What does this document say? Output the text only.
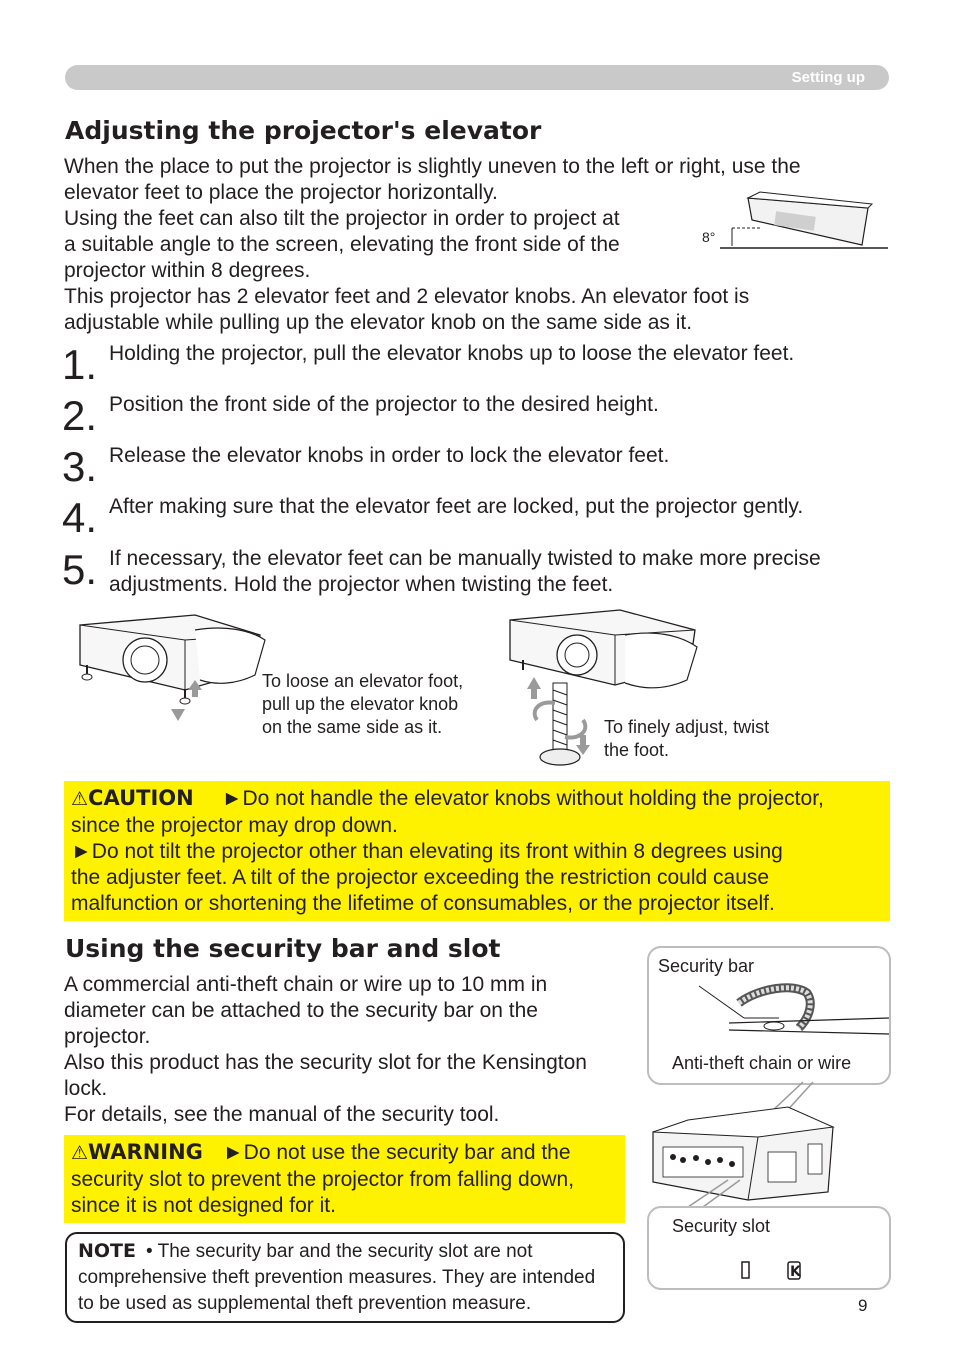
Setting up
Adjusting the projector's elevator
When the place to put the projector is slightly uneven to the left or right, use the
elevator feet to place the projector horizontally.
Using the feet can also tilt the projector in order to project at
a suitable angle to the screen, elevating the front side of the
projector within 8 degrees.
This projector has 2 elevator feet and 2 elevator knobs. An elevator foot is
adjustable while pulling up the elevator knob on the same side as it.
8°
1. Holding the projector, pull the elevator knobs up to loose the elevator feet.
2. Position the front side of the projector to the desired height.
3. Release the elevator knobs in order to lock the elevator feet.
4. After making sure that the elevator feet are locked, put the projector gently.
5. If necessary, the elevator feet can be manually twisted to make more precise
adjustments. Hold the projector when twisting the feet.
To loose an elevator foot,
pull up the elevator knob
on the same side as it.	To finely adjust, twist
the foot.
⚠CAUTION ►Do not handle the elevator knobs without holding the projector,
since the projector may drop down.
►Do not tilt the projector other than elevating its front within 8 degrees using
the adjuster feet. A tilt of the projector exceeding the restriction could cause
malfunction or shortening the lifetime of consumables, or the projector itself.
Using the security bar and slot
A commercial anti-theft chain or wire up to 10 mm in
diameter can be attached to the security bar on the
projector.
Also this product has the security slot for the Kensington
lock.
For details, see the manual of the security tool.
⚠WARNING ►Do not use the security bar and the
security slot to prevent the projector from falling down,
since it is not designed for it.
NOTE • The security bar and the security slot are not
comprehensive theft prevention measures. They are intended
to be used as supplemental theft prevention measure.
Security bar
Anti-theft chain or wire
Security slot
K
9
